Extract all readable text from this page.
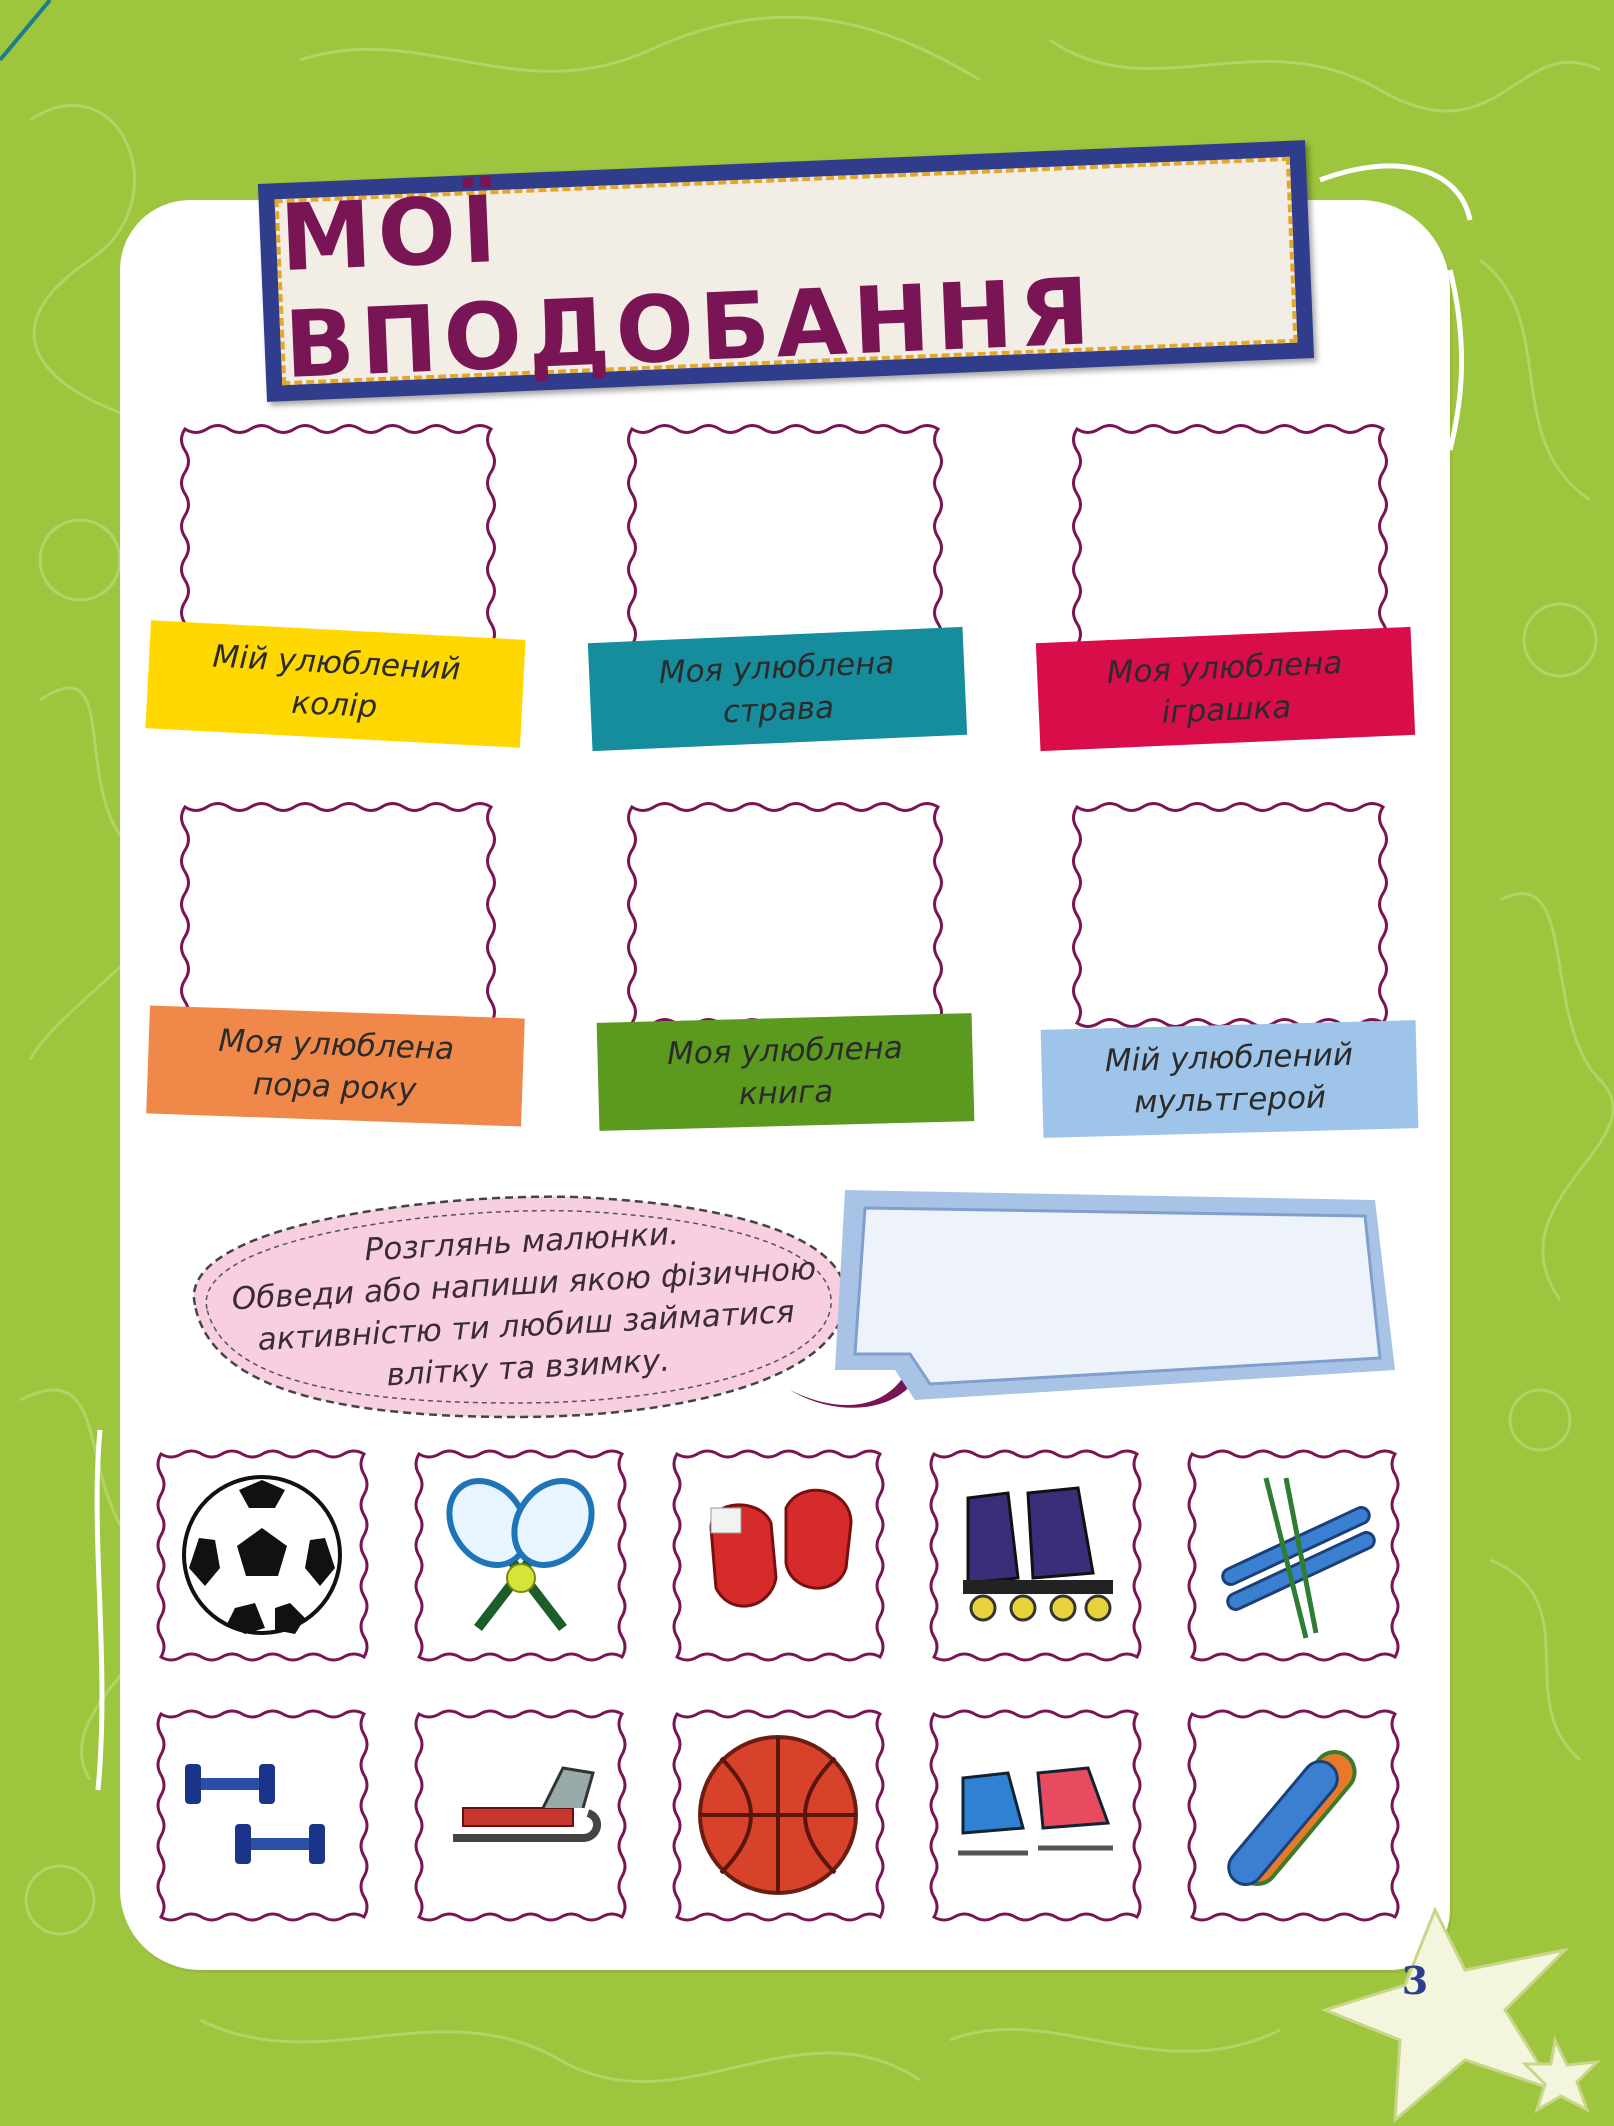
МОЇ ВПОДОБАННЯ
Мій улюблений
колір
Моя улюблена
страва
Моя улюблена
іграшка
Моя улюблена
пора року
Моя улюблена
книга
Мій улюблений
мультгерой
Розглянь малюнки.
Обведи або напиши якою фізичною
активністю ти любиш займатися
влітку та взимку.
3
